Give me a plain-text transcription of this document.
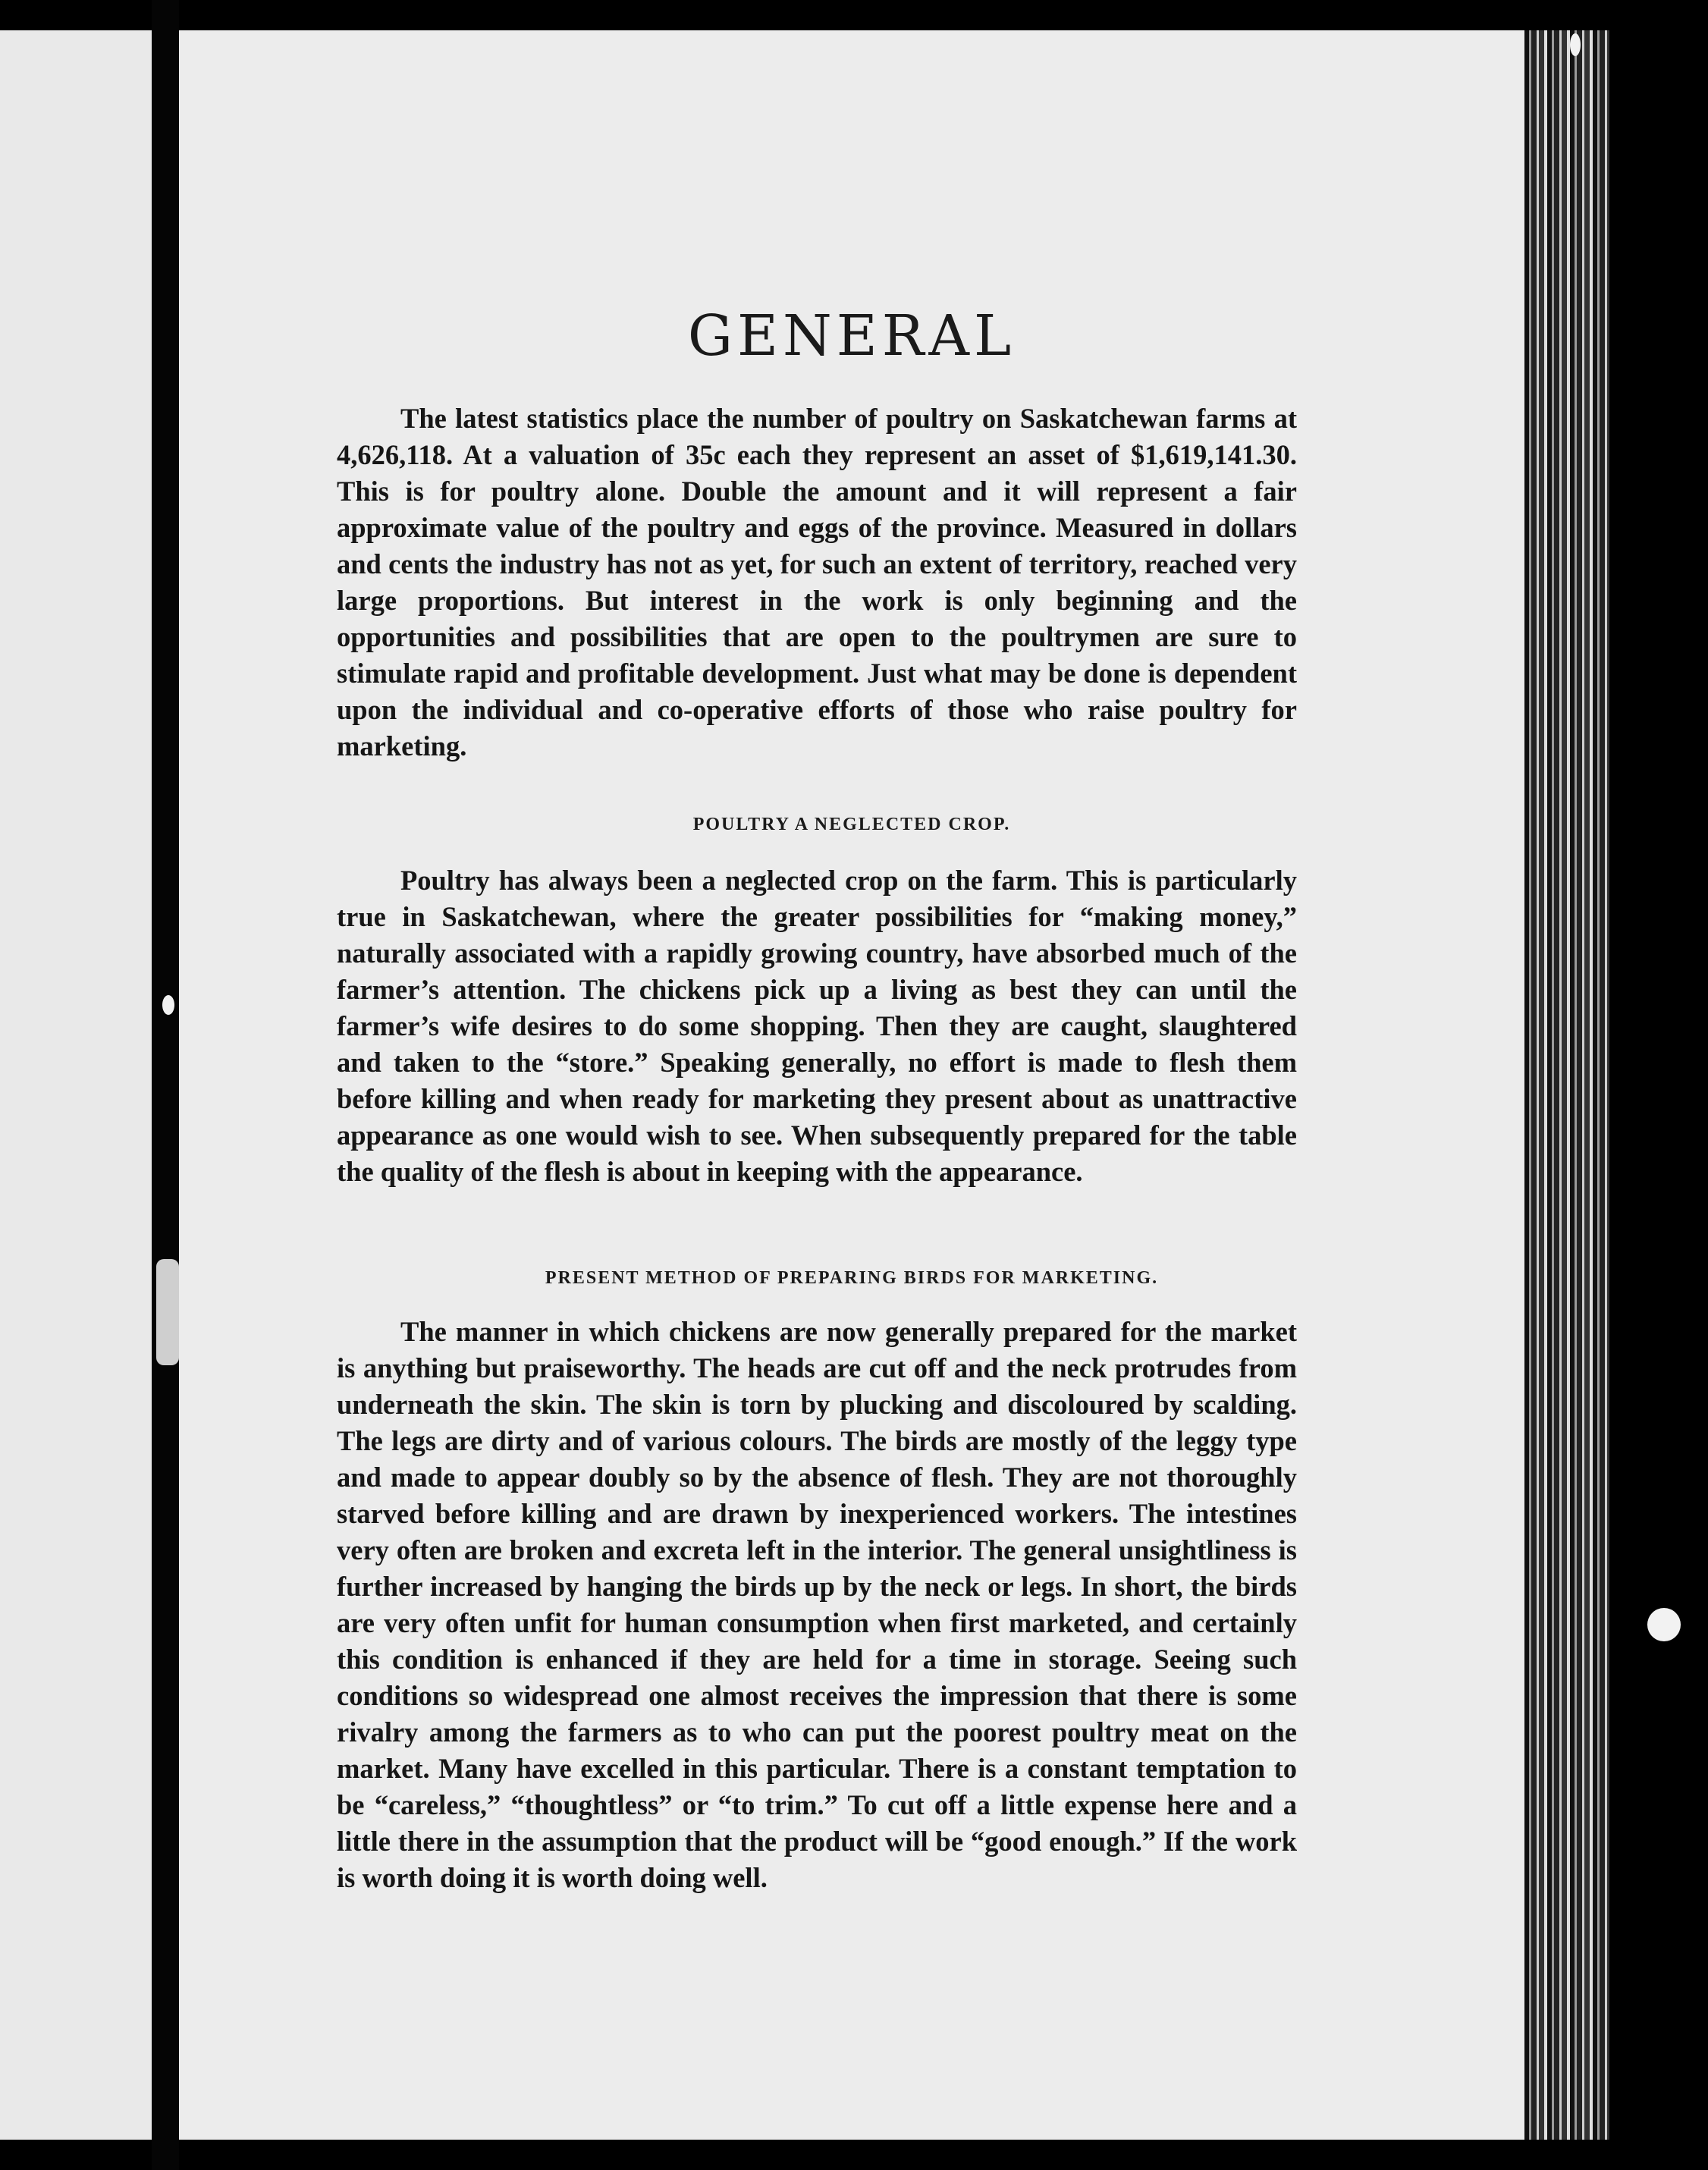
GENERAL

The latest statistics place the number of poultry on Saskatchewan farms at 4,626,118. At a valuation of 35c each they represent an asset of $1,619,141.30. This is for poultry alone. Double the amount and it will represent a fair approximate value of the poultry and eggs of the province. Measured in dollars and cents the industry has not as yet, for such an extent of territory, reached very large proportions. But interest in the work is only beginning and the opportunities and possibilities that are open to the poultrymen are sure to stimulate rapid and profitable development. Just what may be done is dependent upon the individual and co-operative efforts of those who raise poultry for marketing.

POULTRY A NEGLECTED CROP.

Poultry has always been a neglected crop on the farm. This is particularly true in Saskatchewan, where the greater possibilities for “making money,” naturally associated with a rapidly growing country, have absorbed much of the farmer’s attention. The chickens pick up a living as best they can until the farmer’s wife desires to do some shopping. Then they are caught, slaughtered and taken to the “store.” Speaking generally, no effort is made to flesh them before killing and when ready for marketing they present about as unattractive appearance as one would wish to see. When subsequently prepared for the table the quality of the flesh is about in keeping with the appearance.

PRESENT METHOD OF PREPARING BIRDS FOR MARKETING.

The manner in which chickens are now generally prepared for the market is anything but praiseworthy. The heads are cut off and the neck protrudes from underneath the skin. The skin is torn by plucking and discoloured by scalding. The legs are dirty and of various colours. The birds are mostly of the leggy type and made to appear doubly so by the absence of flesh. They are not thoroughly starved before killing and are drawn by inexperienced workers. The intestines very often are broken and excreta left in the interior. The general unsightliness is further increased by hanging the birds up by the neck or legs. In short, the birds are very often unfit for human consumption when first marketed, and certainly this condition is enhanced if they are held for a time in storage. Seeing such conditions so widespread one almost receives the impression that there is some rivalry among the farmers as to who can put the poorest poultry meat on the market. Many have excelled in this particular. There is a constant temptation to be “careless,” “thoughtless” or “to trim.” To cut off a little expense here and a little there in the assumption that the product will be “good enough.” If the work is worth doing it is worth doing well.
